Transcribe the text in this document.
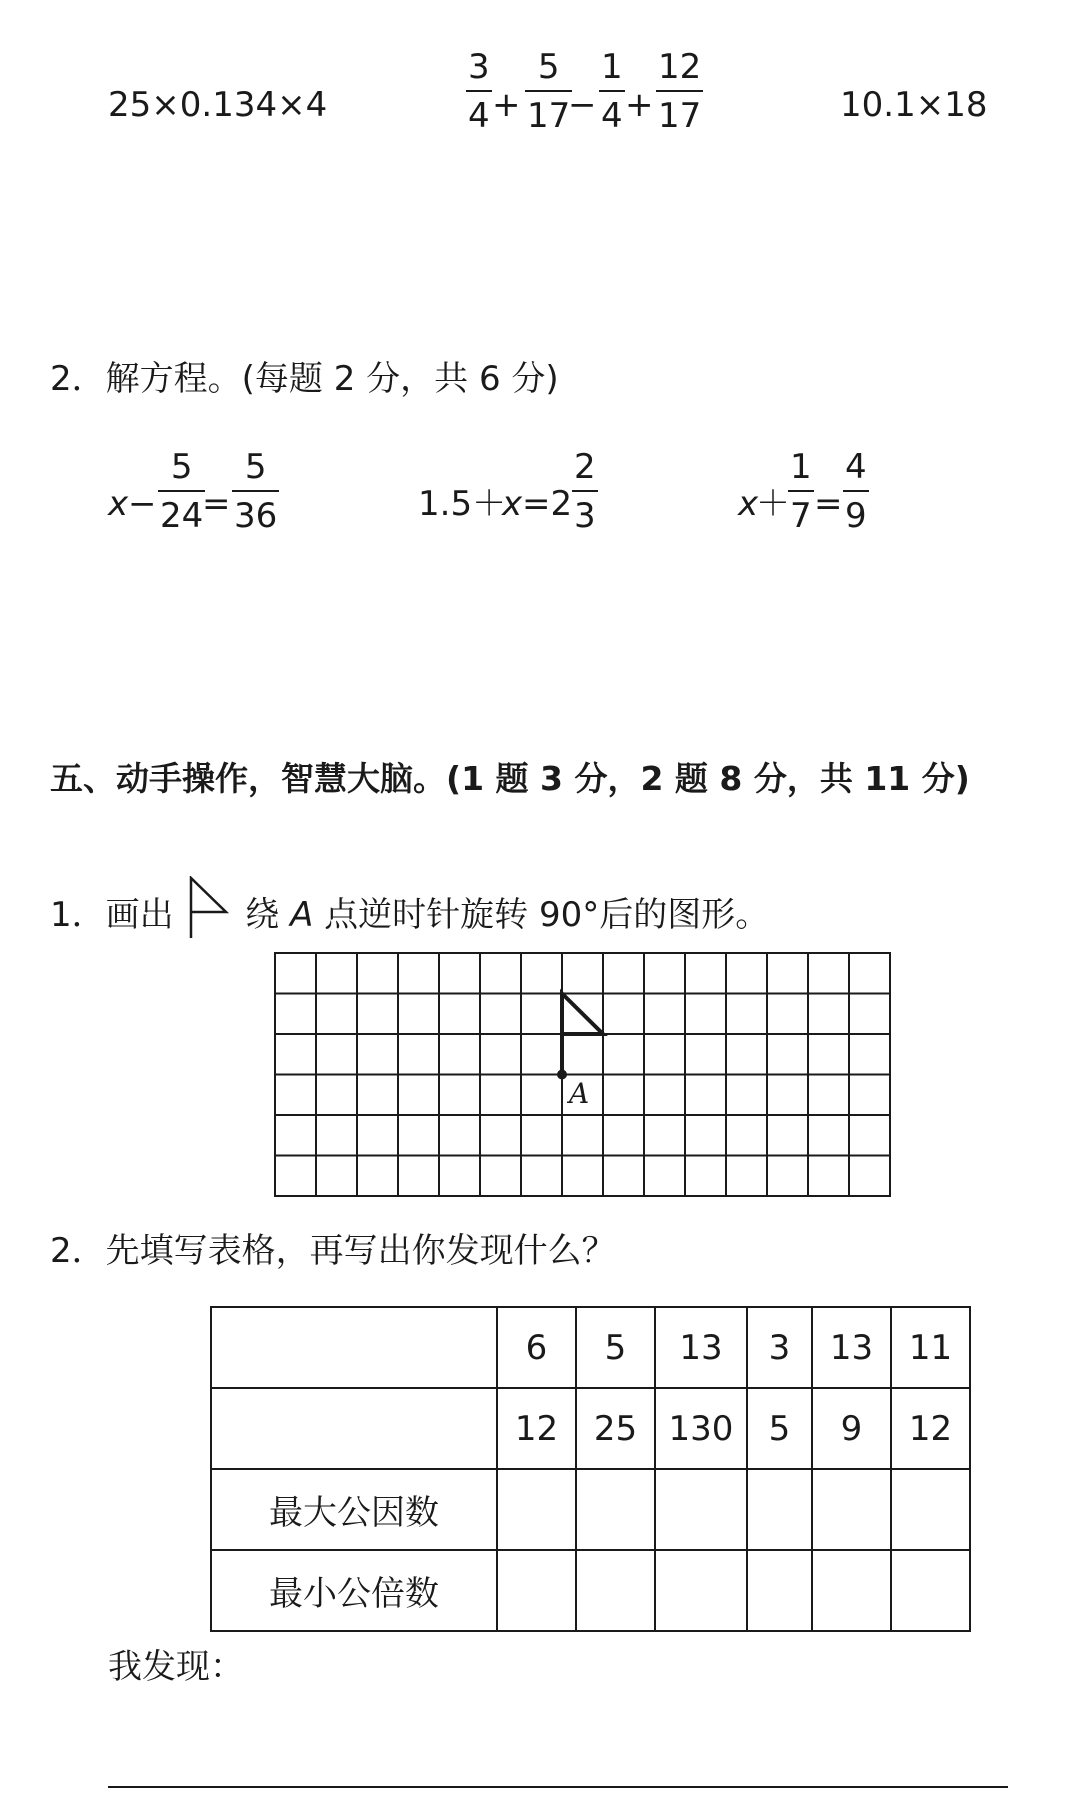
25×0.134×4
3
4 +
5
17
−
1
4 +
12
17	10.1×18
2．解方程。(每题 2 分，共 6 分)
x −
5
24
=
5
36	1.5＋
x =2
2
3	x
＋
1
7 =
4
9
五、动手操作，智慧大脑。(1 题 3 分，2 题 8 分，共 11 分)
1．画出 绕 A 点逆时针旋转 90°后的图形。
A
2．先填写表格，再写出你发现什么？
	6	5	13	3	13	11
	12	25	130	5	9	12
最大公因数						
最小公倍数						
我发现：
